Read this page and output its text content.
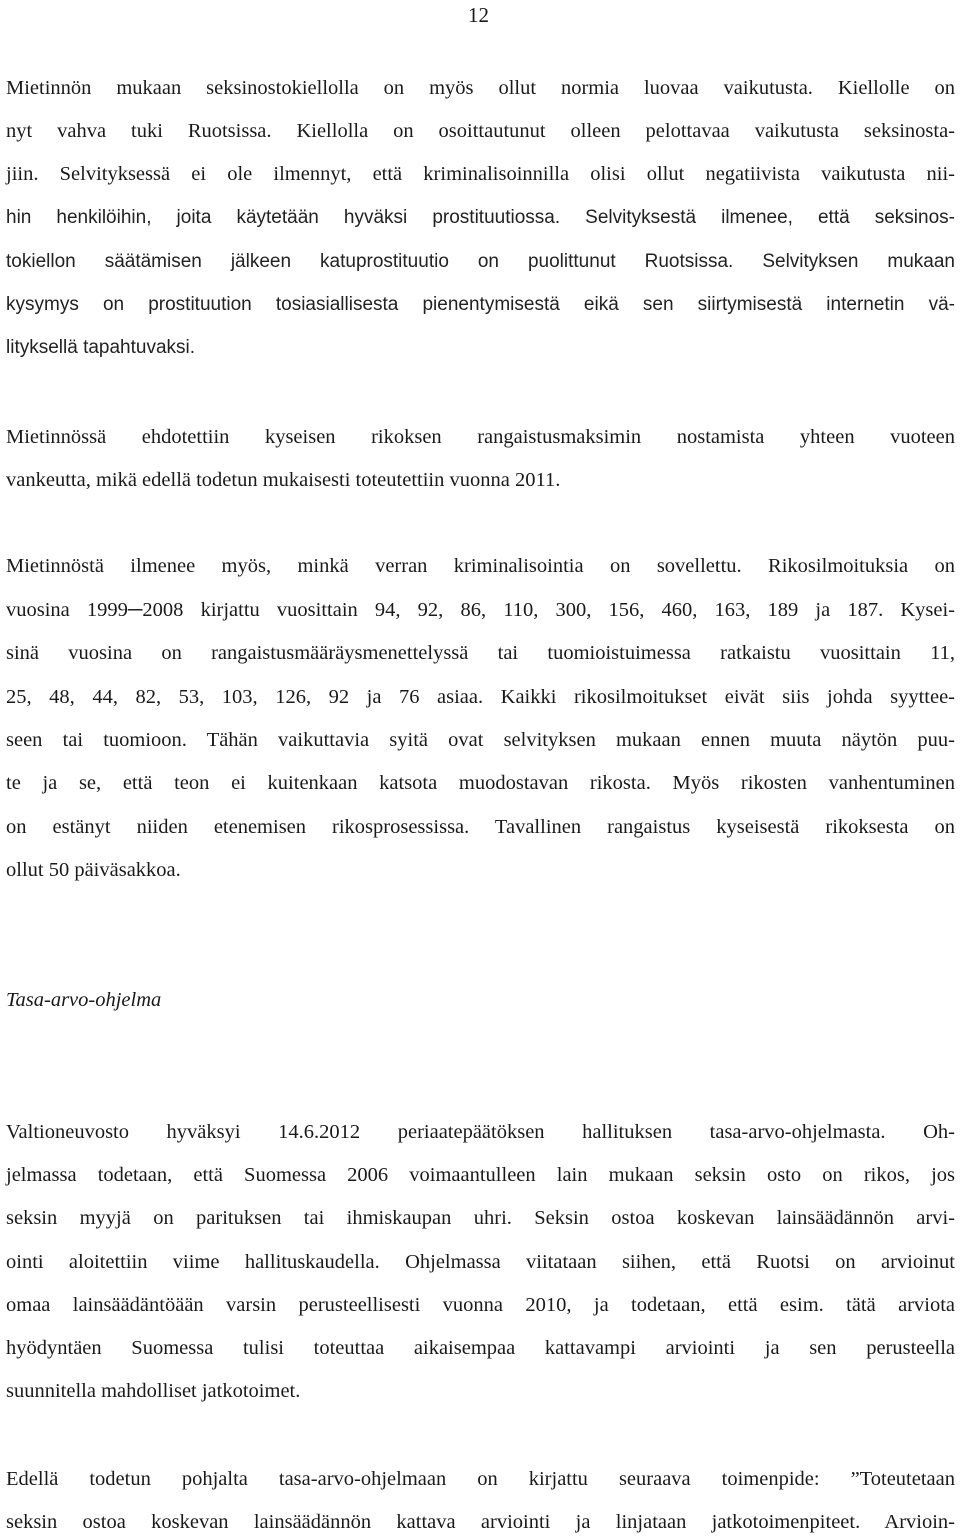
12
Mietinnön mukaan seksinostokiellolla on myös ollut normia luovaa vaikutusta. Kiellolle on
nyt vahva tuki Ruotsissa. Kiellolla on osoittautunut olleen pelottavaa vaikutusta seksinosta-
jiin. Selvityksessä ei ole ilmennyt, että kriminalisoinnilla olisi ollut negatiivista vaikutusta nii-
hin henkilöihin, joita käytetään hyväksi prostituutiossa. Selvityksestä ilmenee, että seksinos-
tokiellon säätämisen jälkeen katuprostituutio on puolittunut Ruotsissa. Selvityksen mukaan
kysymys on prostituution tosiasiallisesta pienentymisestä eikä sen siirtymisestä internetin vä-
lityksellä tapahtuvaksi.
Mietinnössä ehdotettiin kyseisen rikoksen rangaistusmaksimin nostamista yhteen vuoteen
vankeutta, mikä edellä todetun mukaisesti toteutettiin vuonna 2011.
Mietinnöstä ilmenee myös, minkä verran kriminalisointia on sovellettu. Rikosilmoituksia on
vuosina 1999─2008 kirjattu vuosittain 94, 92, 86, 110, 300, 156, 460, 163, 189 ja 187. Kysei-
sinä vuosina on rangaistusmääräysmenettelyssä tai tuomioistuimessa ratkaistu vuosittain 11,
25, 48, 44, 82, 53, 103, 126, 92 ja 76 asiaa. Kaikki rikosilmoitukset eivät siis johda syyttee-
seen tai tuomioon. Tähän vaikuttavia syitä ovat selvityksen mukaan ennen muuta näytön puu-
te ja se, että teon ei kuitenkaan katsota muodostavan rikosta. Myös rikosten vanhentuminen
on estänyt niiden etenemisen rikosprosessissa. Tavallinen rangaistus kyseisestä rikoksesta on
ollut 50 päiväsakkoa.
Tasa-arvo-ohjelma
Valtioneuvosto hyväksyi 14.6.2012 periaatepäätöksen hallituksen tasa-arvo-ohjelmasta. Oh-
jelmassa todetaan, että Suomessa 2006 voimaantulleen lain mukaan seksin osto on rikos, jos
seksin myyjä on parituksen tai ihmiskaupan uhri. Seksin ostoa koskevan lainsäädännön arvi-
ointi aloitettiin viime hallituskaudella. Ohjelmassa viitataan siihen, että Ruotsi on arvioinut
omaa lainsäädäntöään varsin perusteellisesti vuonna 2010, ja todetaan, että esim. tätä arviota
hyödyntäen Suomessa tulisi toteuttaa aikaisempaa kattavampi arviointi ja sen perusteella
suunnitella mahdolliset jatkotoimet.
Edellä todetun pohjalta tasa-arvo-ohjelmaan on kirjattu seuraava toimenpide: ”Toteutetaan
seksin ostoa koskevan lainsäädännön kattava arviointi ja linjataan jatkotoimenpiteet. Arvioin-
